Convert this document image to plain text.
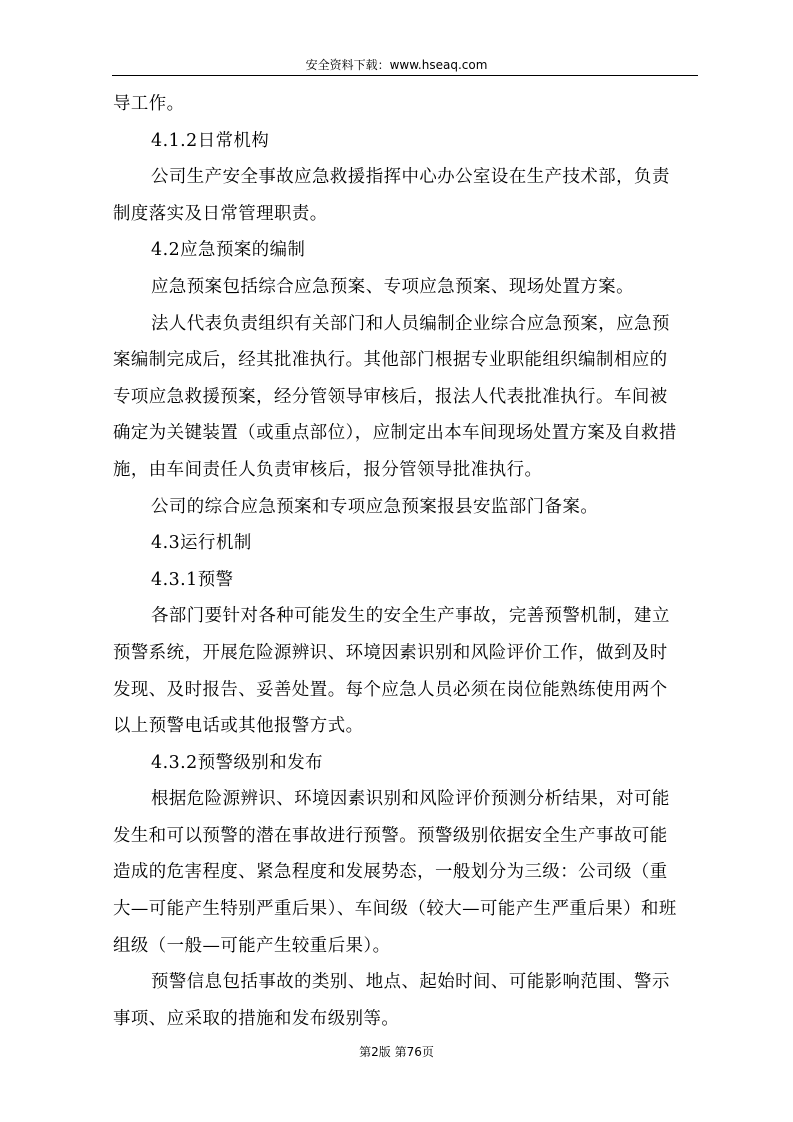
安全资料下载：www.hseaq.com
导工作。
4.1.2日常机构
公司生产安全事故应急救援指挥中心办公室设在生产技术部，负责
制度落实及日常管理职责。
4.2应急预案的编制
应急预案包括综合应急预案、专项应急预案、现场处置方案。
法人代表负责组织有关部门和人员编制企业综合应急预案，应急预
案编制完成后，经其批准执行。其他部门根据专业职能组织编制相应的
专项应急救援预案，经分管领导审核后，报法人代表批准执行。车间被
确定为关键装置（或重点部位），应制定出本车间现场处置方案及自救措
施，由车间责任人负责审核后，报分管领导批准执行。
公司的综合应急预案和专项应急预案报县安监部门备案。
4.3运行机制
4.3.1预警
各部门要针对各种可能发生的安全生产事故，完善预警机制，建立
预警系统，开展危险源辨识、环境因素识别和风险评价工作，做到及时
发现、及时报告、妥善处置。每个应急人员必须在岗位能熟练使用两个
以上预警电话或其他报警方式。
4.3.2预警级别和发布
根据危险源辨识、环境因素识别和风险评价预测分析结果，对可能
发生和可以预警的潜在事故进行预警。预警级别依据安全生产事故可能
造成的危害程度、紧急程度和发展势态，一般划分为三级：公司级（重
大—可能产生特别严重后果）、车间级（较大—可能产生严重后果）和班
组级（一般—可能产生较重后果）。
预警信息包括事故的类别、地点、起始时间、可能影响范围、警示
事项、应采取的措施和发布级别等。
第2版 第76页
